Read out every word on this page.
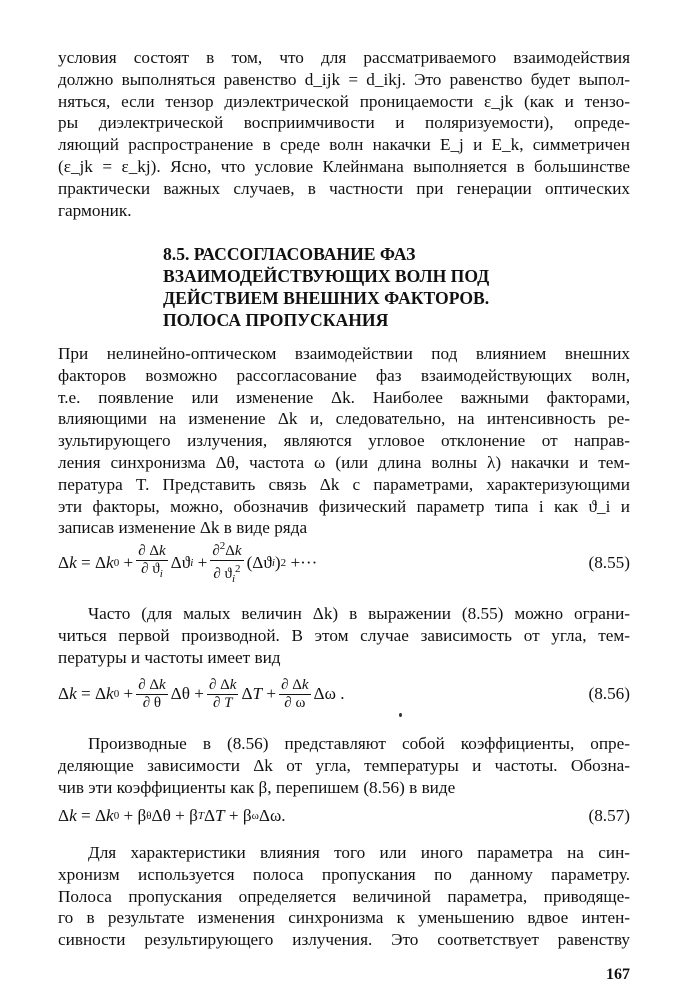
условия состоят в том, что для рассматриваемого взаимодействия
должно выполняться равенство d_ijk = d_ikj. Это равенство будет выпол-
няться, если тензор диэлектрической проницаемости ε_jk (как и тензо-
ры диэлектрической восприимчивости и поляризуемости), опреде-
ляющий распространение в среде волн накачки E_j и E_k, симметричен
(ε_jk = ε_kj). Ясно, что условие Клейнмана выполняется в большинстве
практически важных случаев, в частности при генерации оптических
гармоник.
8.5. РАССОГЛАСОВАНИЕ ФАЗ
ВЗАИМОДЕЙСТВУЮЩИХ ВОЛН ПОД
ДЕЙСТВИЕМ ВНЕШНИХ ФАКТОРОВ.
ПОЛОСА ПРОПУСКАНИЯ
При нелинейно-оптическом взаимодействии под влиянием внешних
факторов возможно рассогласование фаз взаимодействующих волн,
т.е. появление или изменение Δk. Наиболее важными факторами,
влияющими на изменение Δk и, следовательно, на интенсивность ре-
зультирующего излучения, являются угловое отклонение от направ-
ления синхронизма Δθ, частота ω (или длина волны λ) накачки и тем-
пература T. Представить связь Δk с параметрами, характеризующими
эти факторы, можно, обозначив физический параметр типа i как ϑ_i и
записав изменение Δk в виде ряда
Δ k = Δ k $0 + \frac{\partial \Delta k}{\partial ϑ_i}$ Δϑ $i + \frac{\partial^2\Delta k}{\partial ϑ_i^2} (\Delta ϑ$ i ) 2 +···	(8.55)
Часто (для малых величин Δk) в выражении (8.55) можно ограни-
читься первой производной. В этом случае зависимость от угла, тем-
пературы и частоты имеет вид
Δ k = Δ k $0 + \frac{\partial \Delta k}{\partial \theta}$ $\Delta\theta + \frac{\partial \Delta k}{\partial T}$ Δ $T + \frac{\partial \Delta k}{\partial \omega}$ Δω .	(8.56)
Производные в (8.56) представляют собой коэффициенты, опре-
деляющие зависимости Δk от угла, температуры и частоты. Обозна-
чив эти коэффициенты как β, перепишем (8.56) в виде
Δ k = Δ k 0 + β θ Δθ + β T Δ T + β ω Δω.	(8.57)
Для характеристики влияния того или иного параметра на син-
хронизм используется полоса пропускания по данному параметру.
Полоса пропускания определяется величиной параметра, приводяще-
го в результате изменения синхронизма к уменьшению вдвое интен-
сивности результирующего излучения. Это соответствует равенству
167
